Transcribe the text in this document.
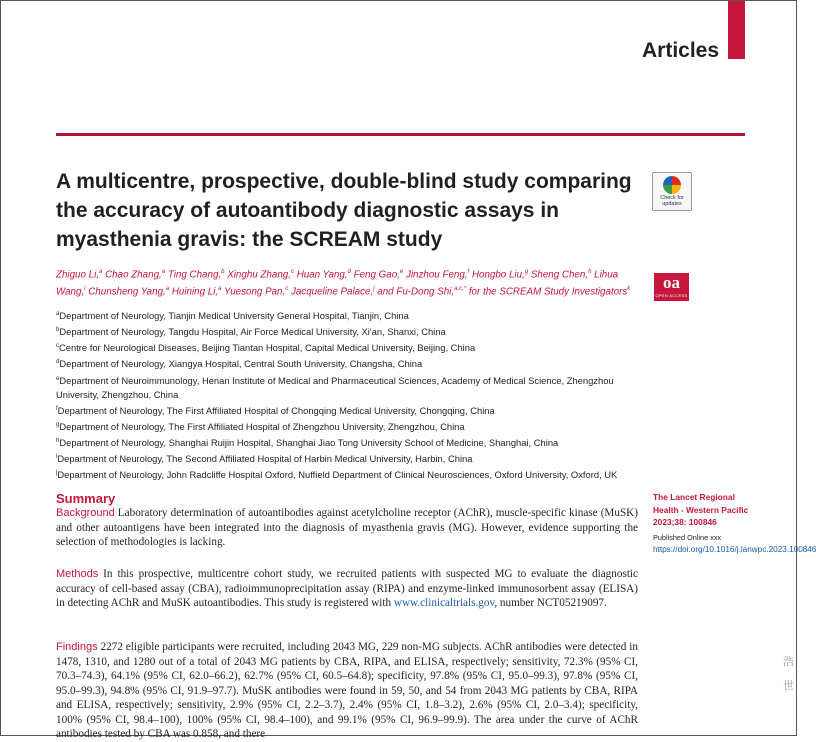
Articles
A multicentre, prospective, double-blind study comparing the accuracy of autoantibody diagnostic assays in myasthenia gravis: the SCREAM study
Check for updates
Zhiguo Li,$^a$ Chao Zhang,$^a$ Ting Chang,$^b$ Xinghu Zhang,$^c$ Huan Yang,$^d$ Feng Gao,$^e$ Jinzhou Feng,$^f$ Hongbo Liu,$^g$ Sheng Chen,$^h$ Lihua Wang,$^i$ Chunsheng Yang,$^a$ Huining Li,$^a$ Yuesong Pan,$^c$ Jacqueline Palace,$^j$ and Fu-Dong Shi,$^{a,c,*}$ for the SCREAM Study Investigators$^k$	oa
OPEN ACCESS
$^a$Department of Neurology, Tianjin Medical University General Hospital, Tianjin, China
$^b$Department of Neurology, Tangdu Hospital, Air Force Medical University, Xi'an, Shanxi, China
$^c$Centre for Neurological Diseases, Beijing Tiantan Hospital, Capital Medical University, Beijing, China
$^d$Department of Neurology, Xiangya Hospital, Central South University, Changsha, China
$^e$Department of Neuroimmunology, Henan Institute of Medical and Pharmaceutical Sciences, Academy of Medical Science, Zhengzhou University, Zhengzhou, China
$^f$Department of Neurology, The First Affiliated Hospital of Chongqing Medical University, Chongqing, China
$^g$Department of Neurology, The First Affiliated Hospital of Zhengzhou University, Zhengzhou, China
$^h$Department of Neurology, Shanghai Ruijin Hospital, Shanghai Jiao Tong University School of Medicine, Shanghai, China
$^i$Department of Neurology, The Second Affiliated Hospital of Harbin Medical University, Harbin, China
$^j$Department of Neurology, John Radcliffe Hospital Oxford, Nuffield Department of Clinical Neurosciences, Oxford University, Oxford, UK
Summary
Background Laboratory determination of autoantibodies against acetylcholine receptor (AChR), muscle-specific kinase (MuSK) and other autoantigens have been integrated into the diagnosis of myasthenia gravis (MG). However, evidence supporting the selection of methodologies is lacking.
Methods In this prospective, multicentre cohort study, we recruited patients with suspected MG to evaluate the diagnostic accuracy of cell-based assay (CBA), radioimmunoprecipitation assay (RIPA) and enzyme-linked immunosorbent assay (ELISA) in detecting AChR and MuSK autoantibodies. This study is registered with www.clinicaltrials.gov, number NCT05219097.
Findings 2272 eligible participants were recruited, including 2043 MG, 229 non-MG subjects. AChR antibodies were detected in 1478, 1310, and 1280 out of a total of 2043 MG patients by CBA, RIPA, and ELISA, respectively; sensitivity, 72.3% (95% CI, 70.3–74.3), 64.1% (95% CI, 62.0–66.2), 62.7% (95% CI, 60.5–64.8); specificity, 97.8% (95% CI, 95.0–99.3), 97.8% (95% CI, 95.0–99.3), 94.8% (95% CI, 91.9–97.7). MuSK antibodies were found in 59, 50, and 54 from 2043 MG patients by CBA, RIPA and ELISA, respectively; sensitivity, 2.9% (95% CI, 2.2–3.7), 2.4% (95% CI, 1.8–3.2), 2.6% (95% CI, 2.0–3.4); specificity, 100% (95% CI, 98.4–100), 100% (95% CI, 98.4–100), and 99.1% (95% CI, 96.9–99.9). The area under the curve of AChR antibodies tested by CBA was 0.858, and there
The Lancet Regional Health - Western Pacific 2023;38: 100846
Published Online xxx
https://doi.org/10.1016/j.lanwpc.2023.100846
浩
世
